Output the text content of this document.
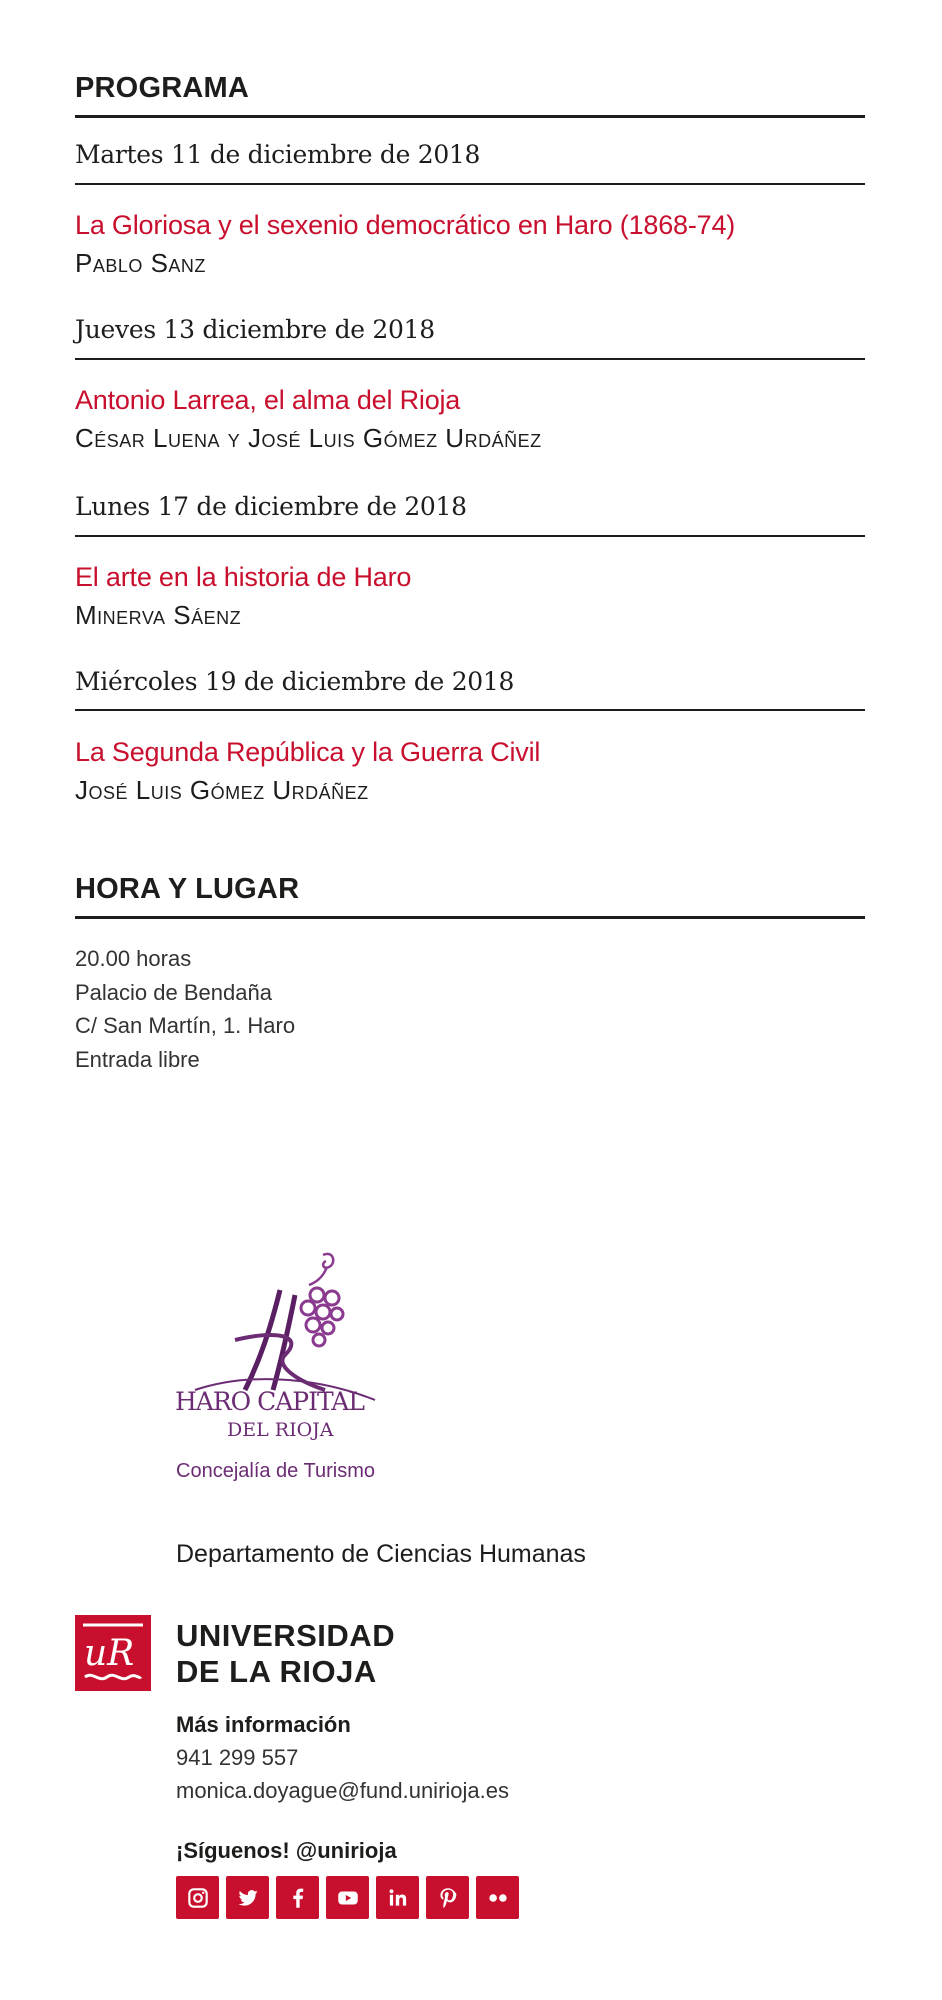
PROGRAMA
Martes 11 de diciembre de 2018
La Gloriosa y el sexenio democrático en Haro (1868-74)
Pablo Sanz
Jueves 13 diciembre de 2018
Antonio Larrea, el alma del Rioja
César Luena y José Luis Gómez Urdáñez
Lunes 17 de diciembre de 2018
El arte en la historia de Haro
Minerva Sáenz
Miércoles 19 de diciembre de 2018
La Segunda República y la Guerra Civil
José Luis Gómez Urdáñez
HORA Y LUGAR
20.00 horas
Palacio de Bendaña
C/ San Martín, 1. Haro
Entrada libre
HARO CAPITAL
DEL RIOJA
Concejalía de Turismo
Departamento de Ciencias Humanas
uR UNIVERSIDAD
DE LA RIOJA
Más información
941 299 557
monica.doyague@fund.unirioja.es
¡Síguenos! @unirioja
